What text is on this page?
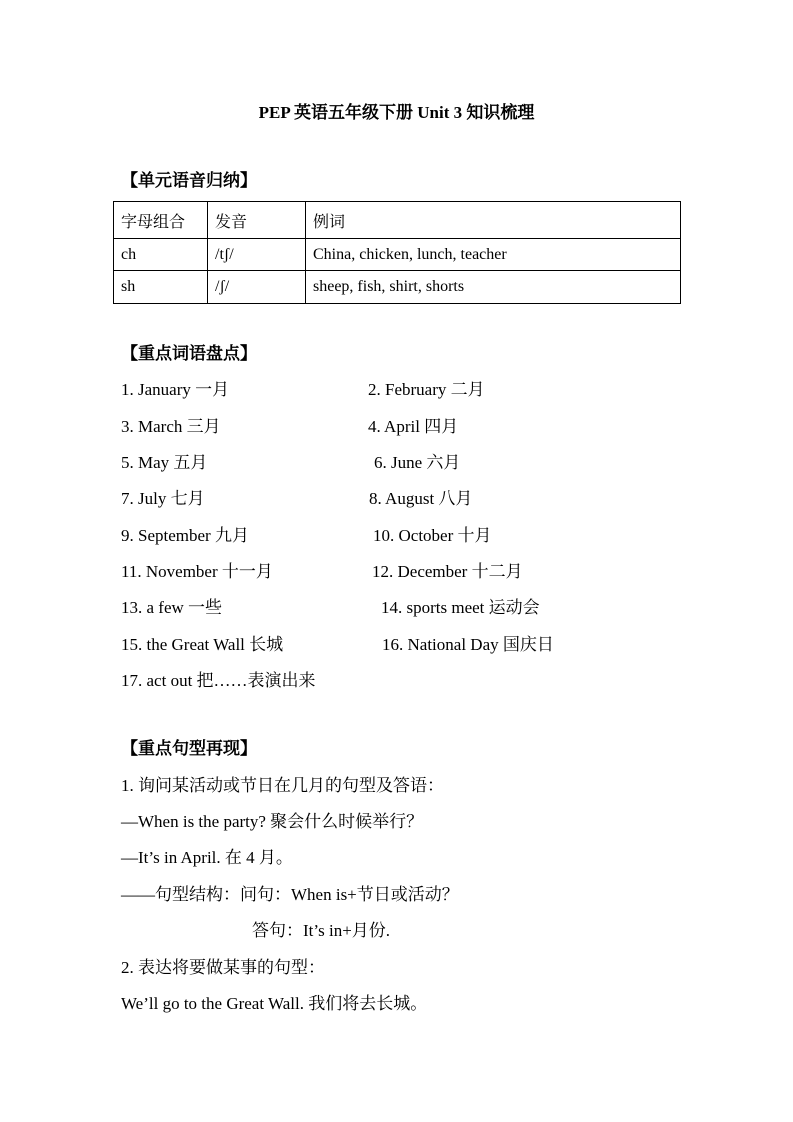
PEP 英语五年级下册 Unit 3 知识梳理
【单元语音归纳】
字母组合	发音	例词
ch	/tʃ/	China, chicken, lunch, teacher
sh	/ʃ/	sheep, fish, shirt, shorts
【重点词语盘点】
1. January 一月	2. February 二月
3. March 三月	4. April 四月
5. May 五月	6. June 六月
7. July 七月	8. August 八月
9. September 九月	10. October 十月
11. November 十一月	12. December 十二月
13. a few 一些	14. sports meet 运动会
15. the Great Wall 长城	16. National Day 国庆日
17. act out 把……表演出来
【重点句型再现】
1. 询问某活动或节日在几月的句型及答语：
—When is the party? 聚会什么时候举行？
—It’s in April. 在 4 月。
——句型结构：问句：When is+节日或活动？
答句：It’s in+月份.
2. 表达将要做某事的句型：
We’ll go to the Great Wall. 我们将去长城。
